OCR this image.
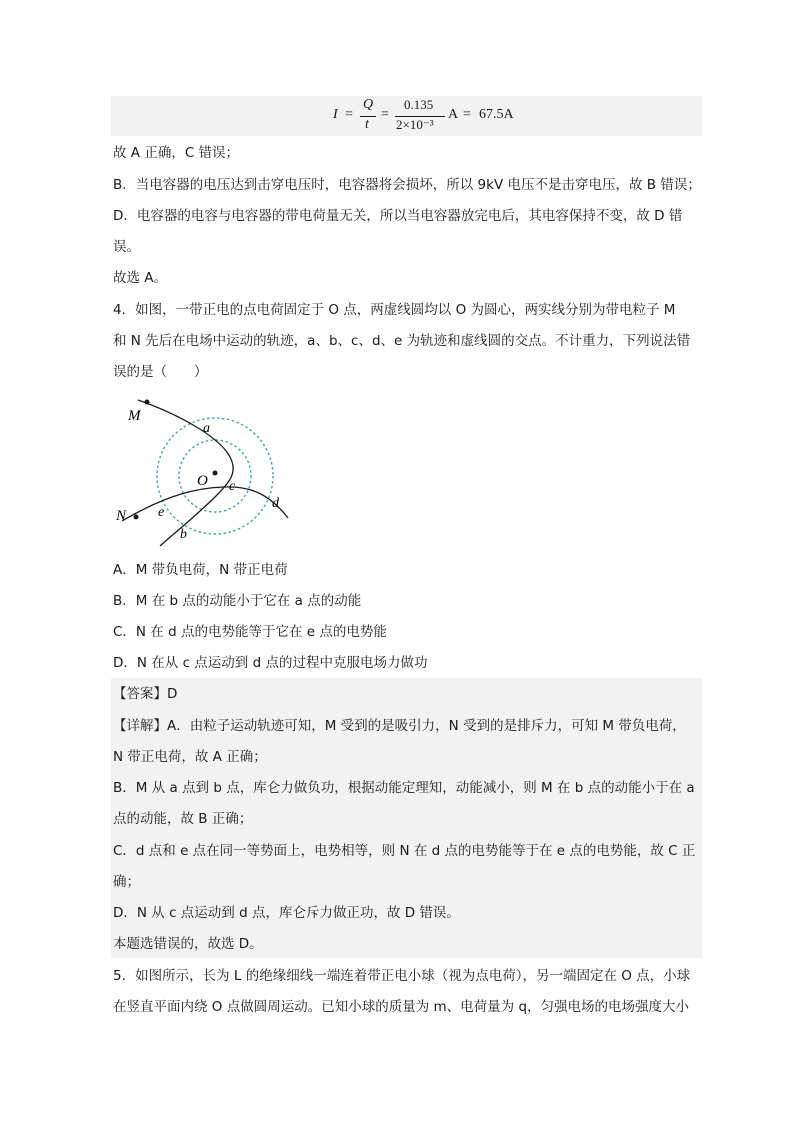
I =
Q
t
=
0.135
2×10⁻³
A = 67.5A
故 A 正确，C 错误；
B．当电容器的电压达到击穿电压时，电容器将会损坏，所以 9kV 电压不是击穿电压，故 B 错误；
D．电容器的电容与电容器的带电荷量无关，所以当电容器放完电后，其电容保持不变，故 D 错
误。
故选 A。
4．如图，一带正电的点电荷固定于 O 点，两虚线圆均以 O 为圆心，两实线分别为带电粒子 M
和 N 先后在电场中运动的轨迹，a、b、c、d、e 为轨迹和虚线圆的交点。不计重力，下列说法错
误的是（　　）
M
N
O
a
b
c
d
e
A．M 带负电荷，N 带正电荷
B．M 在 b 点的动能小于它在 a 点的动能
C．N 在 d 点的电势能等于它在 e 点的电势能
D．N 在从 c 点运动到 d 点的过程中克服电场力做功
【答案】D
【详解】A．由粒子运动轨迹可知，M 受到的是吸引力，N 受到的是排斥力，可知 M 带负电荷，
N 带正电荷，故 A 正确；
B．M 从 a 点到 b 点，库仑力做负功，根据动能定理知，动能减小，则 M 在 b 点的动能小于在 a
点的动能，故 B 正确；
C．d 点和 e 点在同一等势面上，电势相等，则 N 在 d 点的电势能等于在 e 点的电势能，故 C 正
确；
D．N 从 c 点运动到 d 点，库仑斥力做正功，故 D 错误。
本题选错误的，故选 D。
5．如图所示，长为 L 的绝缘细线一端连着带正电小球（视为点电荷），另一端固定在 O 点，小球
在竖直平面内绕 O 点做圆周运动。已知小球的质量为 m、电荷量为 q，匀强电场的电场强度大小
